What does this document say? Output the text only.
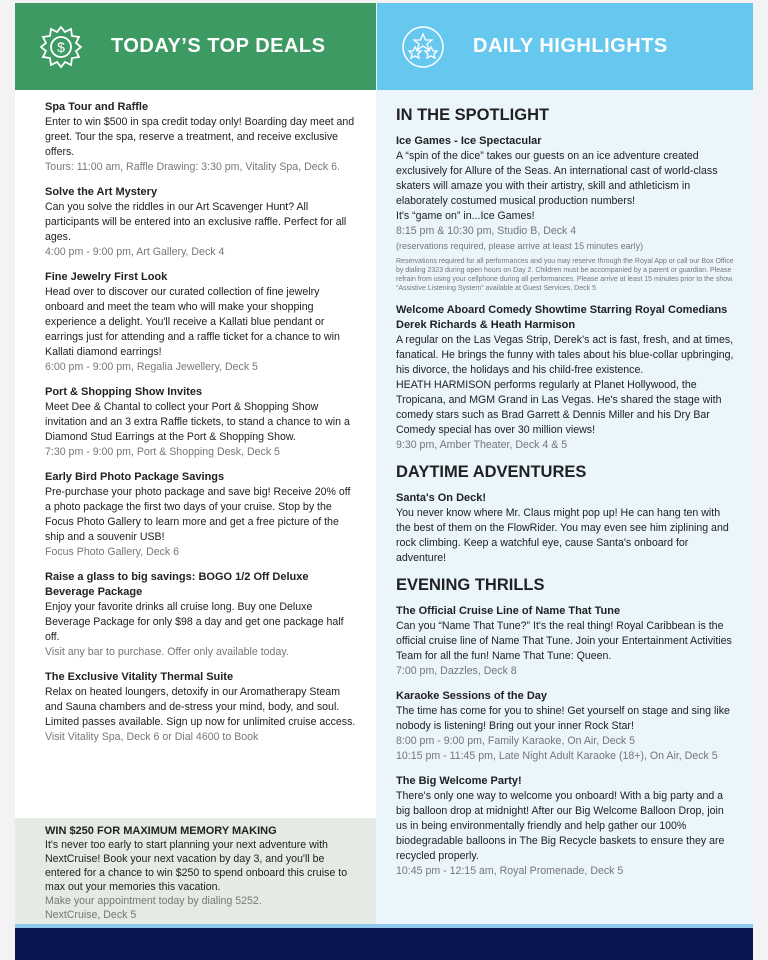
$ TODAY’S TOP DEALS	DAILY HIGHLIGHTS
Spa Tour and Raffle
Enter to win $500 in spa credit today only! Boarding day meet and greet. Tour the spa, reserve a treatment, and receive exclusive offers.
Tours: 11:00 am, Raffle Drawing: 3:30 pm, Vitality Spa, Deck 6.
Solve the Art Mystery
Can you solve the riddles in our Art Scavenger Hunt? All participants will be entered into an exclusive raffle. Perfect for all ages.
4:00 pm - 9:00 pm, Art Gallery, Deck 4
Fine Jewelry First Look
Head over to discover our curated collection of fine jewelry onboard and meet the team who will make your shopping experience a delight. You'll receive a Kallati blue pendant or earrings just for attending and a raffle ticket for a chance to win Kallati diamond earrings!
6:00 pm - 9:00 pm, Regalia Jewellery, Deck 5
Port & Shopping Show Invites
Meet Dee & Chantal to collect your Port & Shopping Show invitation and an 3 extra Raffle tickets, to stand a chance to win a Diamond Stud Earrings at the Port & Shopping Show.
7:30 pm - 9:00 pm, Port & Shopping Desk, Deck 5
Early Bird Photo Package Savings
Pre-purchase your photo package and save big! Receive 20% off a photo package the first two days of your cruise. Stop by the Focus Photo Gallery to learn more and get a free picture of the ship and a souvenir USB!
Focus Photo Gallery, Deck 6
Raise a glass to big savings: BOGO 1/2 Off Deluxe Beverage Package
Enjoy your favorite drinks all cruise long. Buy one Deluxe Beverage Package for only $98 a day and get one package half off.
Visit any bar to purchase. Offer only available today.
The Exclusive Vitality Thermal Suite
Relax on heated loungers, detoxify in our Aromatherapy Steam and Sauna chambers and de-stress your mind, body, and soul. Limited passes available. Sign up now for unlimited cruise access.
Visit Vitality Spa, Deck 6 or Dial 4600 to Book
WIN $250 FOR MAXIMUM MEMORY MAKING
It's never too early to start planning your next adventure with NextCruise! Book your next vacation by day 3, and you'll be entered for a chance to win $250 to spend onboard this cruise to max out your memories this vacation.
Make your appointment today by dialing 5252.
NextCruise, Deck 5
IN THE SPOTLIGHT
Ice Games - Ice Spectacular
A “spin of the dice” takes our guests on an ice adventure created exclusively for Allure of the Seas. An international cast of world-class skaters will amaze you with their artistry, skill and athleticism in elaborately costumed musical production numbers!
It's “game on” in...Ice Games!
8:15 pm & 10:30 pm, Studio B, Deck 4
(reservations required, please arrive at least 15 minutes early)
Reservations required for all performances and you may reserve through the Royal App or call our Box Office by dialing 2323 during open hours on Day 2. Children must be accompanied by a parent or guardian. Please refrain from using your cellphone during all performances. Please arrive at least 15 minutes prior to the show.
“Assistive Listening System” available at Guest Services, Deck 5
Welcome Aboard Comedy Showtime Starring Royal Comedians Derek Richards & Heath Harmison
A regular on the Las Vegas Strip, Derek's act is fast, fresh, and at times, fanatical. He brings the funny with tales about his blue-collar upbringing, his divorce, the holidays and his child-free existence.
HEATH HARMISON performs regularly at Planet Hollywood, the Tropicana, and MGM Grand in Las Vegas. He's shared the stage with comedy stars such as Brad Garrett & Dennis Miller and his Dry Bar Comedy special has over 30 million views!
9:30 pm, Amber Theater, Deck 4 & 5
DAYTIME ADVENTURES
Santa's On Deck!
You never know where Mr. Claus might pop up! He can hang ten with the best of them on the FlowRider. You may even see him ziplining and rock climbing. Keep a watchful eye, cause Santa's onboard for adventure!
EVENING THRILLS
The Official Cruise Line of Name That Tune
Can you “Name That Tune?” It's the real thing! Royal Caribbean is the official cruise line of Name That Tune. Join your Entertainment Activities Team for all the fun! Name That Tune: Queen.
7:00 pm, Dazzles, Deck 8
Karaoke Sessions of the Day
The time has come for you to shine! Get yourself on stage and sing like nobody is listening! Bring out your inner Rock Star!
8:00 pm - 9:00 pm, Family Karaoke, On Air, Deck 5
10:15 pm - 11:45 pm, Late Night Adult Karaoke (18+), On Air, Deck 5
The Big Welcome Party!
There's only one way to welcome you onboard! With a big party and a big balloon drop at midnight! After our Big Welcome Balloon Drop, join us in being environmentally friendly and help gather our 100% biodegradable balloons in The Big Recycle baskets to ensure they are recycled properly.
10:45 pm - 12:15 am, Royal Promenade, Deck 5
